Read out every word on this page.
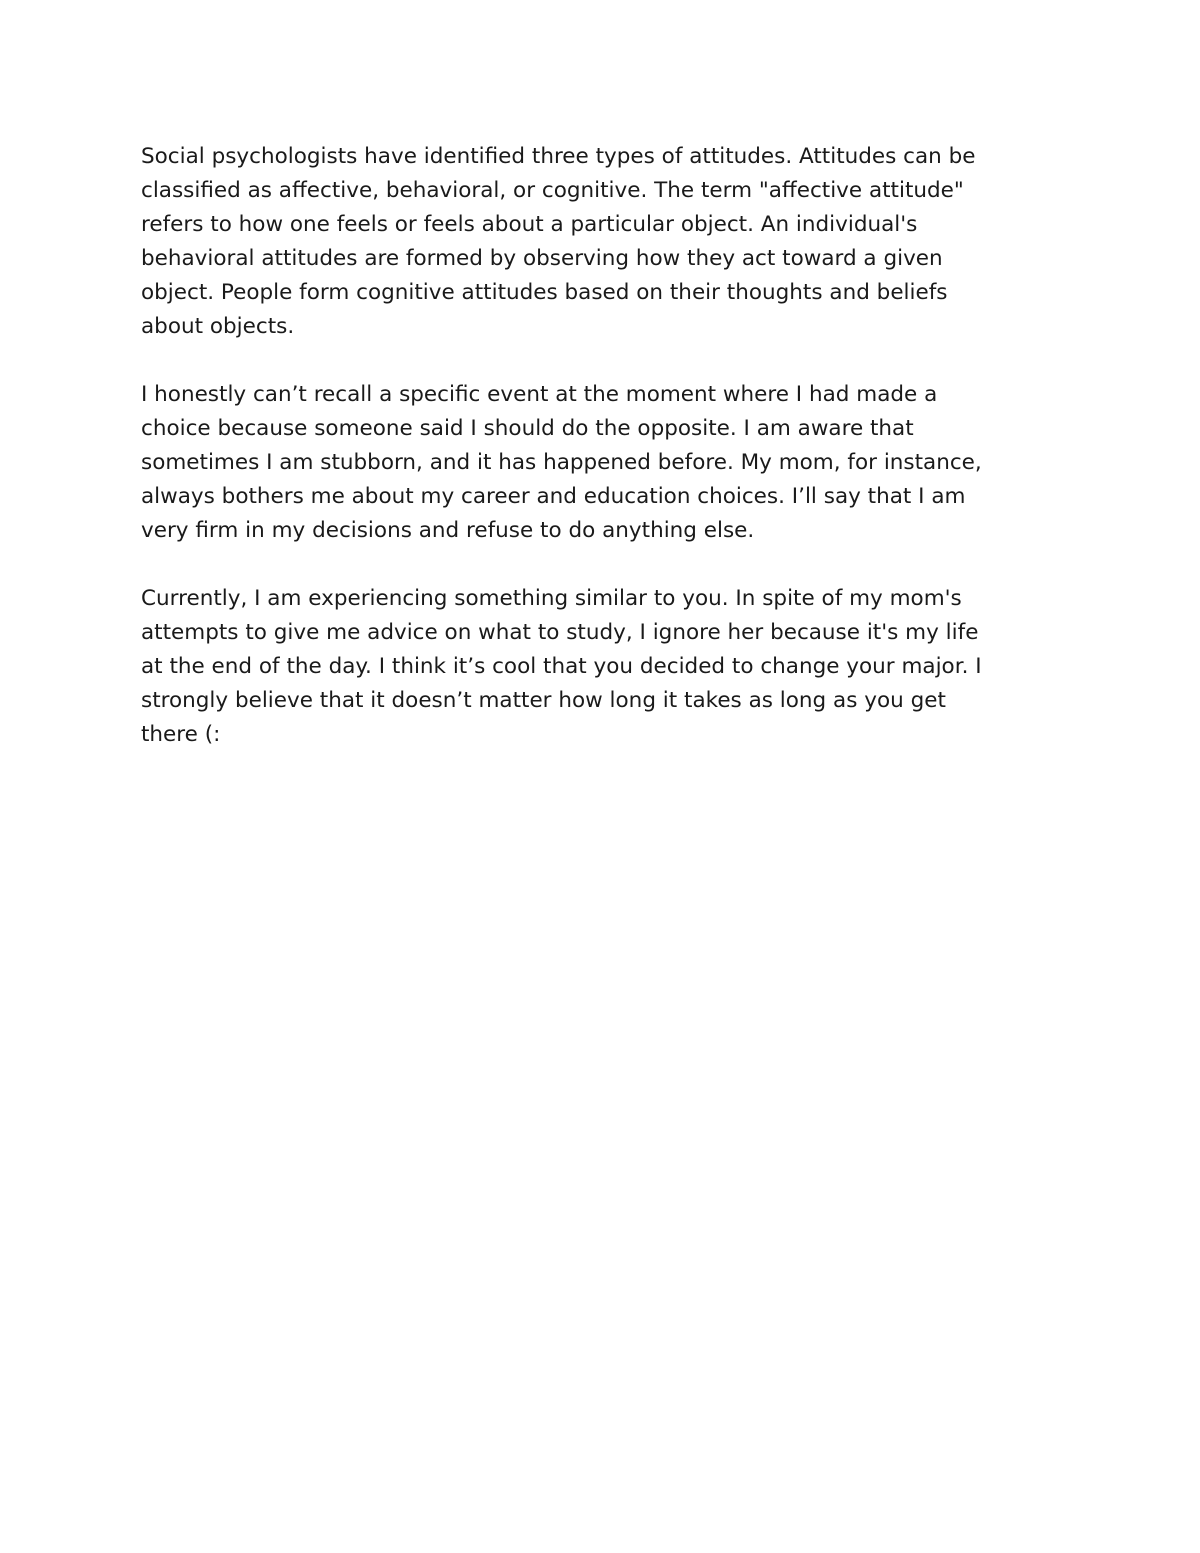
Social psychologists have identified three types of attitudes. Attitudes can be
classified as affective, behavioral, or cognitive. The term "affective attitude"
refers to how one feels or feels about a particular object. An individual's
behavioral attitudes are formed by observing how they act toward a given
object. People form cognitive attitudes based on their thoughts and beliefs
about objects.

I honestly can’t recall a specific event at the moment where I had made a
choice because someone said I should do the opposite. I am aware that
sometimes I am stubborn, and it has happened before. My mom, for instance,
always bothers me about my career and education choices. I’ll say that I am
very firm in my decisions and refuse to do anything else.

Currently, I am experiencing something similar to you. In spite of my mom's
attempts to give me advice on what to study, I ignore her because it's my life
at the end of the day. I think it’s cool that you decided to change your major. I
strongly believe that it doesn’t matter how long it takes as long as you get
there (:
